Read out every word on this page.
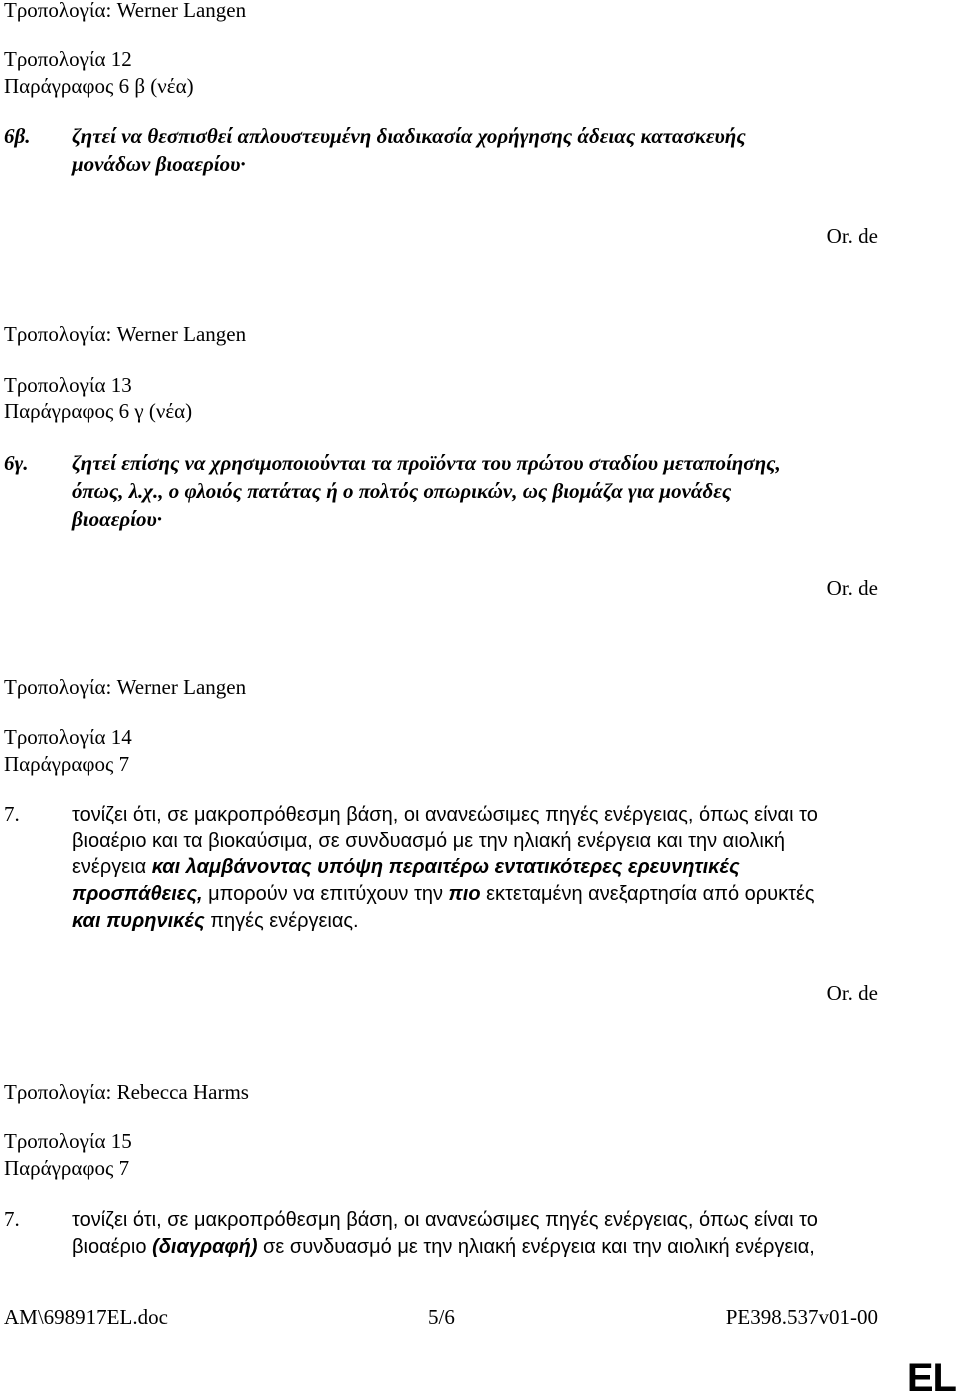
Τροπολογία: Werner Langen
Τροπολογία 12
Παράγραφος 6 β (νέα)
6β. ζητεί να θεσπισθεί απλουστευμένη διαδικασία χορήγησης άδειας κατασκευής
μονάδων βιοαερίου·
Or. de
Τροπολογία: Werner Langen
Τροπολογία 13
Παράγραφος 6 γ (νέα)
6γ. ζητεί επίσης να χρησιμοποιούνται τα προϊόντα του πρώτου σταδίου μεταποίησης,
όπως, λ.χ., ο φλοιός πατάτας ή ο πολτός οπωρικών, ως βιομάζα για μονάδες
βιοαερίου·
Or. de
Τροπολογία: Werner Langen
Τροπολογία 14
Παράγραφος 7
7.	τονίζει ότι, σε μακροπρόθεσμη βάση, οι ανανεώσιμες πηγές ενέργειας, όπως είναι το
βιοαέριο και τα βιοκαύσιμα, σε συνδυασμό με την ηλιακή ενέργεια και την αιολική
ενέργεια και λαμβάνοντας υπόψη περαιτέρω εντατικότερες ερευνητικές
προσπάθειες, μπορούν να επιτύχουν την πιο εκτεταμένη ανεξαρτησία από ορυκτές
και πυρηνικές πηγές ενέργειας.
Or. de
Τροπολογία: Rebecca Harms
Τροπολογία 15
Παράγραφος 7
7.	τονίζει ότι, σε μακροπρόθεσμη βάση, οι ανανεώσιμες πηγές ενέργειας, όπως είναι το
βιοαέριο (διαγραφή) σε συνδυασμό με την ηλιακή ενέργεια και την αιολική ενέργεια,
AM\698917EL.doc	5/6	PE398.537v01-00
EL
